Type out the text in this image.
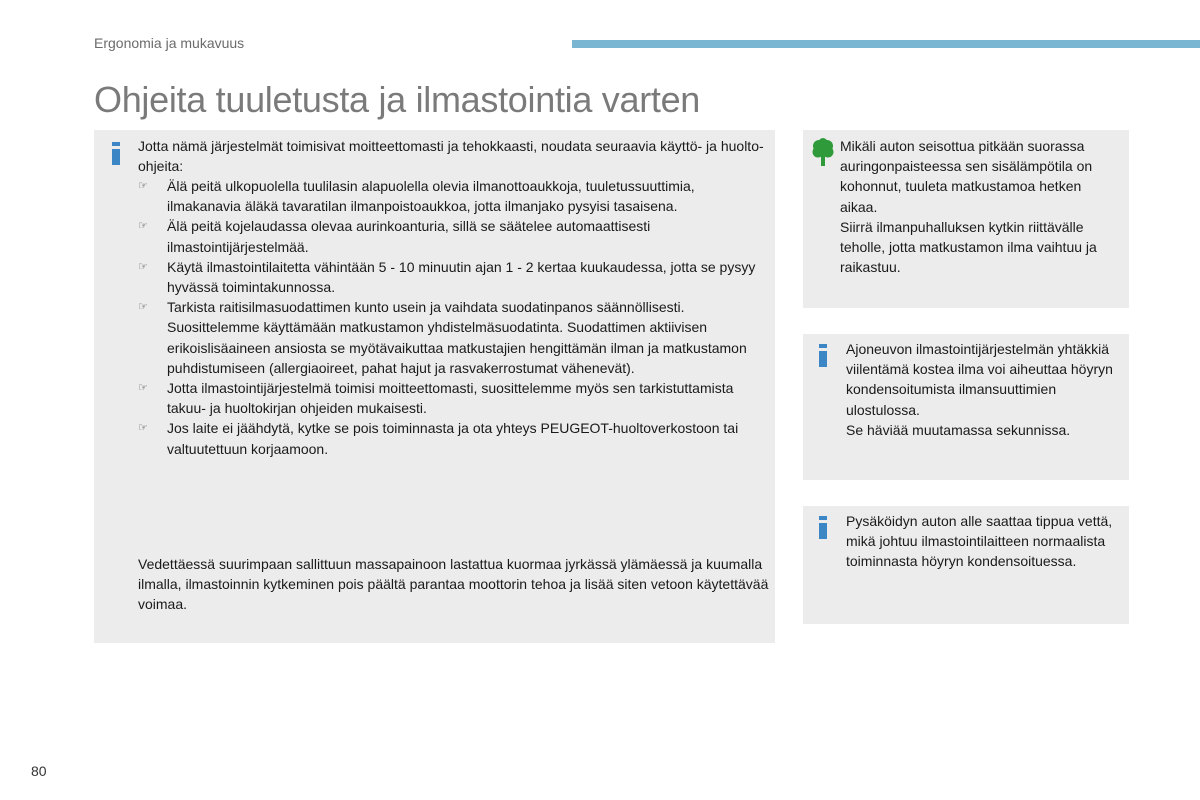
Ergonomia ja mukavuus
Ohjeita tuuletusta ja ilmastointia varten
Jotta nämä järjestelmät toimisivat moitteettomasti ja tehokkaasti, noudata seuraavia käyttö- ja huolto-ohjeita:
☞ Älä peitä ulkopuolella tuulilasin alapuolella olevia ilmanottoaukkoja, tuuletussuuttimia, ilmakanavia äläkä tavaratilan ilmanpoistoaukkoa, jotta ilmanjako pysyisi tasaisena.
☞ Älä peitä kojelaudassa olevaa aurinkoanturia, sillä se säätelee automaattisesti ilmastointijärjestelmää.
☞ Käytä ilmastointilaitetta vähintään 5 - 10 minuutin ajan 1 - 2 kertaa kuukaudessa, jotta se pysyy hyvässä toimintakunnossa.
☞ Tarkista raitisilmasuodattimen kunto usein ja vaihdata suodatinpanos säännöllisesti. Suosittelemme käyttämään matkustamon yhdistelmäsuodatinta. Suodattimen aktiivisen erikoislisäaineen ansiosta se myötävaikuttaa matkustajien hengittämän ilman ja matkustamon puhdistumiseen (allergiaoireet, pahat hajut ja rasvakerrostumat vähenevät).
☞ Jotta ilmastointijärjestelmä toimisi moitteettomasti, suosittelemme myös sen tarkistuttamista takuu- ja huoltokirjan ohjeiden mukaisesti.
☞ Jos laite ei jäähdytä, kytke se pois toiminnasta ja ota yhteys PEUGEOT-huoltoverkostoon tai valtuutettuun korjaamoon.
Vedettäessä suurimpaan sallittuun massapainoon lastattua kuormaa jyrkässä ylämäessä ja kuumalla ilmalla, ilmastoinnin kytkeminen pois päältä parantaa moottorin tehoa ja lisää siten vetoon käytettävää voimaa.
Mikäli auton seisottua pitkään suorassa auringonpaisteessa sen sisälämpötila on kohonnut, tuuleta matkustamoa hetken aikaa.
Siirrä ilmanpuhalluksen kytkin riittävälle teholle, jotta matkustamon ilma vaihtuu ja raikastuu.
Ajoneuvon ilmastointijärjestelmän yhtäkkiä viilentämä kostea ilma voi aiheuttaa höyryn kondensoitumista ilmansuuttimien ulostulossa.
Se häviää muutamassa sekunnissa.
Pysäköidyn auton alle saattaa tippua vettä, mikä johtuu ilmastointilaitteen normaalista toiminnasta höyryn kondensoituessa.
80
